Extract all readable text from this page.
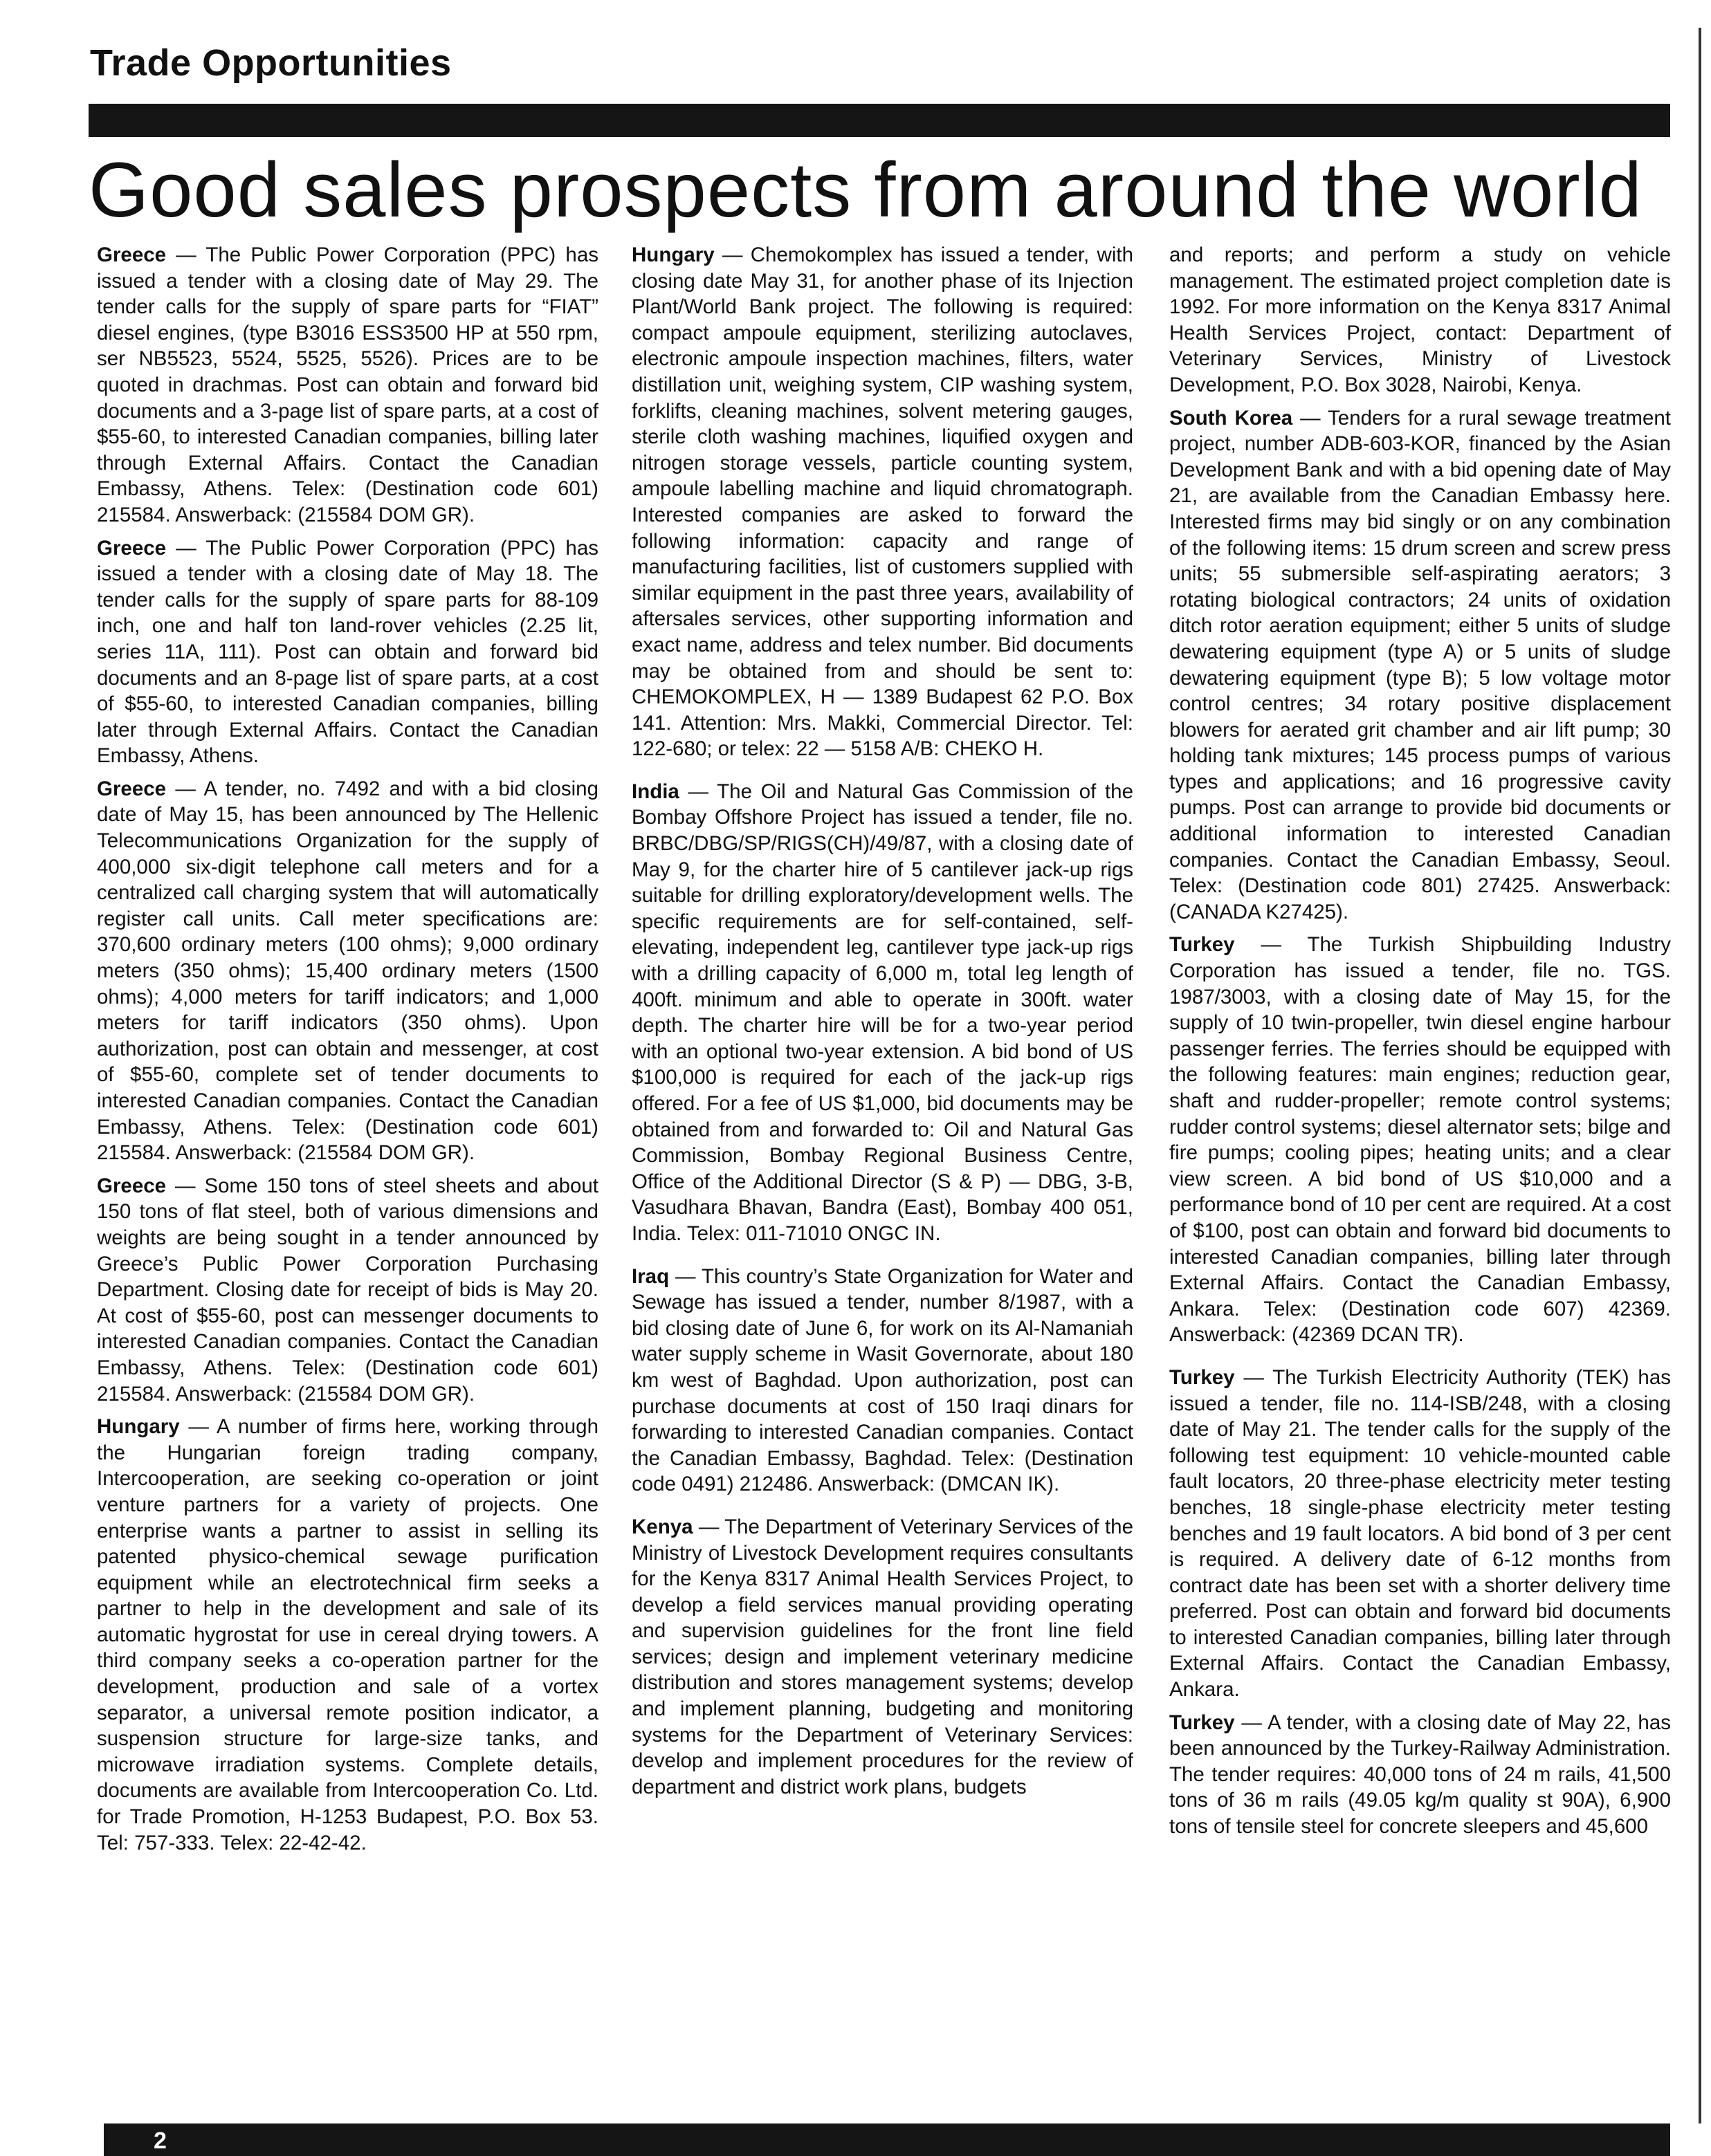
Trade Opportunities
Good sales prospects from around the world

Greece — The Public Power Corporation (PPC) has issued a tender with a closing date of May 29. The tender calls for the supply of spare parts for “FIAT” diesel engines, (type B3016 ESS3500 HP at 550 rpm, ser NB5523, 5524, 5525, 5526). Prices are to be quoted in drachmas. Post can obtain and forward bid documents and a 3-page list of spare parts, at a cost of $55-60, to interested Canadian companies, billing later through External Affairs. Contact the Canadian Embassy, Athens. Telex: (Destination code 601) 215584. Answerback: (215584 DOM GR).

Greece — The Public Power Corporation (PPC) has issued a tender with a closing date of May 18. The tender calls for the supply of spare parts for 88-109 inch, one and half ton land-rover vehicles (2.25 lit, series 11A, 111). Post can obtain and forward bid documents and an 8-page list of spare parts, at a cost of $55-60, to interested Canadian companies, billing later through External Affairs. Contact the Canadian Embassy, Athens.

Greece — A tender, no. 7492 and with a bid closing date of May 15, has been announced by The Hellenic Telecommunications Organization for the supply of 400,000 six-digit telephone call meters and for a centralized call charging system that will automatically register call units. Call meter specifications are: 370,600 ordinary meters (100 ohms); 9,000 ordinary meters (350 ohms); 15,400 ordinary meters (1500 ohms); 4,000 meters for tariff indicators; and 1,000 meters for tariff indicators (350 ohms). Upon authorization, post can obtain and messenger, at cost of $55-60, complete set of tender documents to interested Canadian companies. Contact the Canadian Embassy, Athens. Telex: (Destination code 601) 215584. Answerback: (215584 DOM GR).

Greece — Some 150 tons of steel sheets and about 150 tons of flat steel, both of various dimensions and weights are being sought in a tender announced by Greece’s Public Power Corporation Purchasing Department. Closing date for receipt of bids is May 20. At cost of $55-60, post can messenger documents to interested Canadian companies. Contact the Canadian Embassy, Athens. Telex: (Destination code 601) 215584. Answerback: (215584 DOM GR).

Hungary — A number of firms here, working through the Hungarian foreign trading company, Intercooperation, are seeking co-operation or joint venture partners for a variety of projects. One enterprise wants a partner to assist in selling its patented physico-chemical sewage purification equipment while an electrotechnical firm seeks a partner to help in the development and sale of its automatic hygrostat for use in cereal drying towers. A third company seeks a co-operation partner for the development, production and sale of a vortex separator, a universal remote position indicator, a suspension structure for large-size tanks, and microwave irradiation systems. Complete details, documents are available from Intercooperation Co. Ltd. for Trade Promotion, H-1253 Budapest, P.O. Box 53. Tel: 757-333. Telex: 22-42-42.

Hungary — Chemokomplex has issued a tender, with closing date May 31, for another phase of its Injection Plant/World Bank project. The following is required: compact ampoule equipment, sterilizing autoclaves, electronic ampoule inspection machines, filters, water distillation unit, weighing system, CIP washing system, forklifts, cleaning machines, solvent metering gauges, sterile cloth washing machines, liquified oxygen and nitrogen storage vessels, particle counting system, ampoule labelling machine and liquid chromatograph. Interested companies are asked to forward the following information: capacity and range of manufacturing facilities, list of customers supplied with similar equipment in the past three years, availability of aftersales services, other supporting information and exact name, address and telex number. Bid documents may be obtained from and should be sent to: CHEMOKOMPLEX, H — 1389 Budapest 62 P.O. Box 141. Attention: Mrs. Makki, Commercial Director. Tel: 122-680; or telex: 22 — 5158 A/B: CHEKO H.

India — The Oil and Natural Gas Commission of the Bombay Offshore Project has issued a tender, file no. BRBC/DBG/SP/RIGS(CH)/49/87, with a closing date of May 9, for the charter hire of 5 cantilever jack-up rigs suitable for drilling exploratory/development wells. The specific requirements are for self-contained, self-elevating, independent leg, cantilever type jack-up rigs with a drilling capacity of 6,000 m, total leg length of 400ft. minimum and able to operate in 300ft. water depth. The charter hire will be for a two-year period with an optional two-year extension. A bid bond of US $100,000 is required for each of the jack-up rigs offered. For a fee of US $1,000, bid documents may be obtained from and forwarded to: Oil and Natural Gas Commission, Bombay Regional Business Centre, Office of the Additional Director (S & P) — DBG, 3-B, Vasudhara Bhavan, Bandra (East), Bombay 400 051, India. Telex: 011-71010 ONGC IN.

Iraq — This country’s State Organization for Water and Sewage has issued a tender, number 8/1987, with a bid closing date of June 6, for work on its Al-Namaniah water supply scheme in Wasit Governorate, about 180 km west of Baghdad. Upon authorization, post can purchase documents at cost of 150 Iraqi dinars for forwarding to interested Canadian companies. Contact the Canadian Embassy, Baghdad. Telex: (Destination code 0491) 212486. Answerback: (DMCAN IK).

Kenya — The Department of Veterinary Services of the Ministry of Livestock Development requires consultants for the Kenya 8317 Animal Health Services Project, to develop a field services manual providing operating and supervision guidelines for the front line field services; design and implement veterinary medicine distribution and stores management systems; develop and implement planning, budgeting and monitoring systems for the Department of Veterinary Services: develop and implement procedures for the review of department and district work plans, budgets

and reports; and perform a study on vehicle management. The estimated project completion date is 1992. For more information on the Kenya 8317 Animal Health Services Project, contact: Department of Veterinary Services, Ministry of Livestock Development, P.O. Box 3028, Nairobi, Kenya.

South Korea — Tenders for a rural sewage treatment project, number ADB-603-KOR, financed by the Asian Development Bank and with a bid opening date of May 21, are available from the Canadian Embassy here. Interested firms may bid singly or on any combination of the following items: 15 drum screen and screw press units; 55 submersible self-aspirating aerators; 3 rotating biological contractors; 24 units of oxidation ditch rotor aeration equipment; either 5 units of sludge dewatering equipment (type A) or 5 units of sludge dewatering equipment (type B); 5 low voltage motor control centres; 34 rotary positive displacement blowers for aerated grit chamber and air lift pump; 30 holding tank mixtures; 145 process pumps of various types and applications; and 16 progressive cavity pumps. Post can arrange to provide bid documents or additional information to interested Canadian companies. Contact the Canadian Embassy, Seoul. Telex: (Destination code 801) 27425. Answerback: (CANADA K27425).

Turkey — The Turkish Shipbuilding Industry Corporation has issued a tender, file no. TGS. 1987/3003, with a closing date of May 15, for the supply of 10 twin-propeller, twin diesel engine harbour passenger ferries. The ferries should be equipped with the following features: main engines; reduction gear, shaft and rudder-propeller; remote control systems; rudder control systems; diesel alternator sets; bilge and fire pumps; cooling pipes; heating units; and a clear view screen. A bid bond of US $10,000 and a performance bond of 10 per cent are required. At a cost of $100, post can obtain and forward bid documents to interested Canadian companies, billing later through External Affairs. Contact the Canadian Embassy, Ankara. Telex: (Destination code 607) 42369. Answerback: (42369 DCAN TR).

Turkey — The Turkish Electricity Authority (TEK) has issued a tender, file no. 114-ISB/248, with a closing date of May 21. The tender calls for the supply of the following test equipment: 10 vehicle-mounted cable fault locators, 20 three-phase electricity meter testing benches, 18 single-phase electricity meter testing benches and 19 fault locators. A bid bond of 3 per cent is required. A delivery date of 6-12 months from contract date has been set with a shorter delivery time preferred. Post can obtain and forward bid documents to interested Canadian companies, billing later through External Affairs. Contact the Canadian Embassy, Ankara.

Turkey — A tender, with a closing date of May 22, has been announced by the Turkey-Railway Administration. The tender requires: 40,000 tons of 24 m rails, 41,500 tons of 36 m rails (49.05 kg/m quality st 90A), 6,900 tons of tensile steel for concrete sleepers and 45,600

2
